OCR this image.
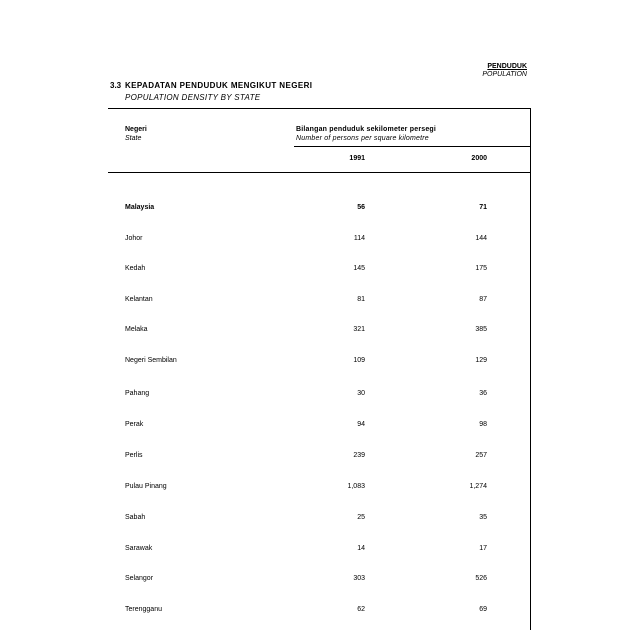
PENDUDUK
POPULATION
3.3 KEPADATAN PENDUDUK MENGIKUT NEGERI
POPULATION DENSITY BY STATE
Negeri
State
Bilangan penduduk sekilometer persegi
Number of persons per square kilometre
1991	2000
Malaysia	56	71
Johor	114	144
Kedah	145	175
Kelantan	81	87
Melaka	321	385
Negeri Sembilan	109	129
Pahang	30	36
Perak	94	98
Perlis	239	257
Pulau Pinang	1,083	1,274
Sabah	25	35
Sarawak	14	17
Selangor	303	526
Terengganu	62	69
